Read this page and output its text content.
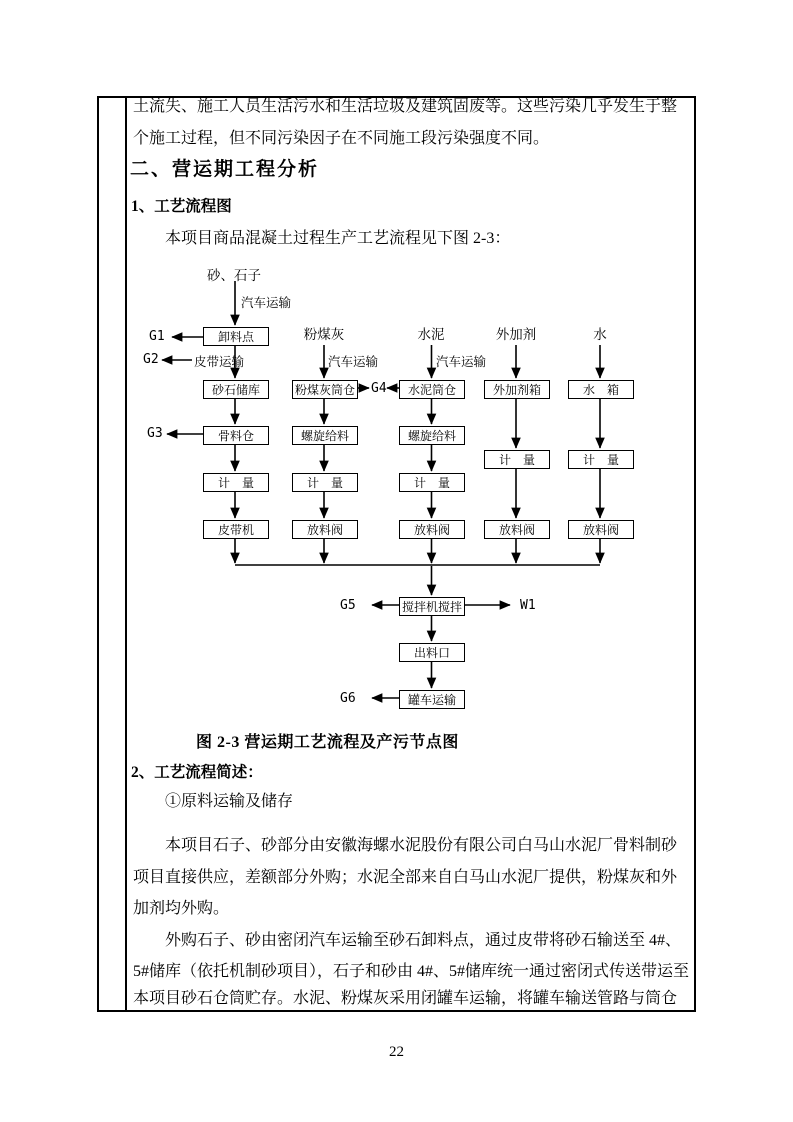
土流失、施工人员生活污水和生活垃圾及建筑固废等。这些污染几乎发生于整
个施工过程，但不同污染因子在不同施工段污染强度不同。
二、营运期工程分析
1、工艺流程图
本项目商品混凝土过程生产工艺流程见下图 2-3：
砂、石子
粉煤灰	水泥	外加剂	水
汽车运输
汽车运输	汽车运输
皮带运输
卸料点
砂石储库	粉煤灰筒仓	水泥筒仓	外加剂箱	水　箱
骨料仓	螺旋给料	螺旋给料
计　量	计　量
计　量	计　量	计　量
皮带机	放料阀	放料阀	放料阀	放料阀
搅拌机搅拌
出料口
罐车运输
G1
G2
G3
G4
G5	W1
G6
图 2-3 营运期工艺流程及产污节点图
2、工艺流程简述：
①原料运输及储存
本项目石子、砂部分由安徽海螺水泥股份有限公司白马山水泥厂骨料制砂
项目直接供应，差额部分外购；水泥全部来自白马山水泥厂提供，粉煤灰和外
加剂均外购。
外购石子、砂由密闭汽车运输至砂石卸料点，通过皮带将砂石输送至 4#、
5#储库（依托机制砂项目），石子和砂由 4#、5#储库统一通过密闭式传送带运至
本项目砂石仓筒贮存。水泥、粉煤灰采用闭罐车运输，将罐车输送管路与筒仓
22
